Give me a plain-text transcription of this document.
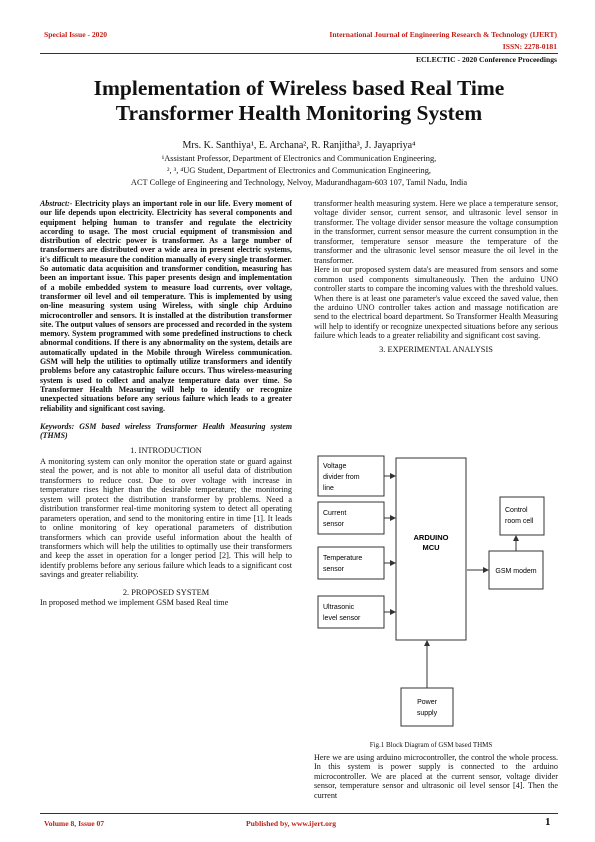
Special Issue - 2020	International Journal of Engineering Research & Technology (IJERT)
ISSN: 2278-0181
ECLECTIC - 2020 Conference Proceedings
Implementation of Wireless based Real Time
Transformer Health Monitoring System
Mrs. K. Santhiya¹, E. Archana², R. Ranjitha³, J. Jayapriya⁴
¹Assistant Professor, Department of Electronics and Communication Engineering,
², ³, ⁴UG Student, Department of Electronics and Communication Engineering,
ACT College of Engineering and Technology, Nelvoy, Madurandhagam-603 107, Tamil Nadu, India

Abstract:- Electricity plays an important role in our life. Every moment of our life depends upon electricity. Electricity has several components and equipment helping human to transfer and regulate the electricity according to usage. The most crucial equipment of transmission and distribution of electric power is transformer. As a large number of transformers are distributed over a wide area in present electric systems, it's difficult to measure the condition manually of every single transformer. So automatic data acquisition and transformer condition, measuring has been an important issue. This paper presents design and implementation of a mobile embedded system to measure load currents, over voltage, transformer oil level and oil temperature. This is implemented by using on-line measuring system using Wireless, with single chip Arduino microcontroller and sensors. It is installed at the distribution transformer site. The output values of sensors are processed and recorded in the system memory. System programmed with some predefined instructions to check abnormal conditions. If there is any abnormality on the system, details are automatically updated in the Mobile through Wireless communication. GSM will help the utilities to optimally utilize transformers and identify problems before any catastrophic failure occurs. Thus wireless-measuring system is used to collect and analyze temperature data over time. So Transformer Health Measuring will help to identify or recognize unexpected situations before any serious failure which leads to a greater reliability and significant cost saving.

Keywords: GSM based wireless Transformer Health Measuring system (THMS)

1. INTRODUCTION

A monitoring system can only monitor the operation state or guard against steal the power, and is not able to monitor all useful data of distribution transformers to reduce cost. Due to over voltage with increase in temperature rises higher than the desirable temperature; the monitoring system will protect the distribution transformer by problems. Need a distribution transformer real-time monitoring system to detect all operating parameters operation, and send to the monitoring entire in time [1]. It leads to online monitoring of key operational parameters of distribution transformers which can provide useful information about the health of transformers which will help the utilities to optimally use their transformers and keep the asset in operation for a longer period [2]. This will help to identify problems before any serious failure which leads to a significant cost savings and greater reliability.

2. PROPOSED SYSTEM

In proposed method we implement GSM based Real time

transformer health measuring system. Here we place a temperature sensor, voltage divider sensor, current sensor, and ultrasonic level sensor in transformer. The voltage divider sensor measure the voltage consumption in the transformer, current sensor measure the current consumption in the transformer, temperature sensor measure the temperature of the transformer and the ultrasonic level sensor measure the oil level in the transformer.

Here in our proposed system data's are measured from sensors and some common used components simultaneously. Then the arduino UNO controller starts to compare the incoming values with the threshold values. When there is at least one parameter's value exceed the saved value, then the arduino UNO controller takes action and massage notification are send to the electrical board department. So Transformer Health Measuring will help to identify or recognize unexpected situations before any serious failure which leads to a greater reliability and significant cost saving.

3. EXPERIMENTAL ANALYSIS
Voltage
divider from
line
Current
sensor
Temperature
sensor
Ultrasonic
level sensor
ARDUINO
MCU
Control
room cell
GSM modem
Power
supply
Fig.1 Block Diagram of GSM based THMS

Here we are using arduino microcontroller, the control the whole process. In this system is power supply is connected to the arduino microcontroller. We are placed at the current sensor, voltage divider sensor, temperature sensor and ultrasonic oil level sensor [4]. Then the current

Volume 8, Issue 07	Published by, www.ijert.org	1
